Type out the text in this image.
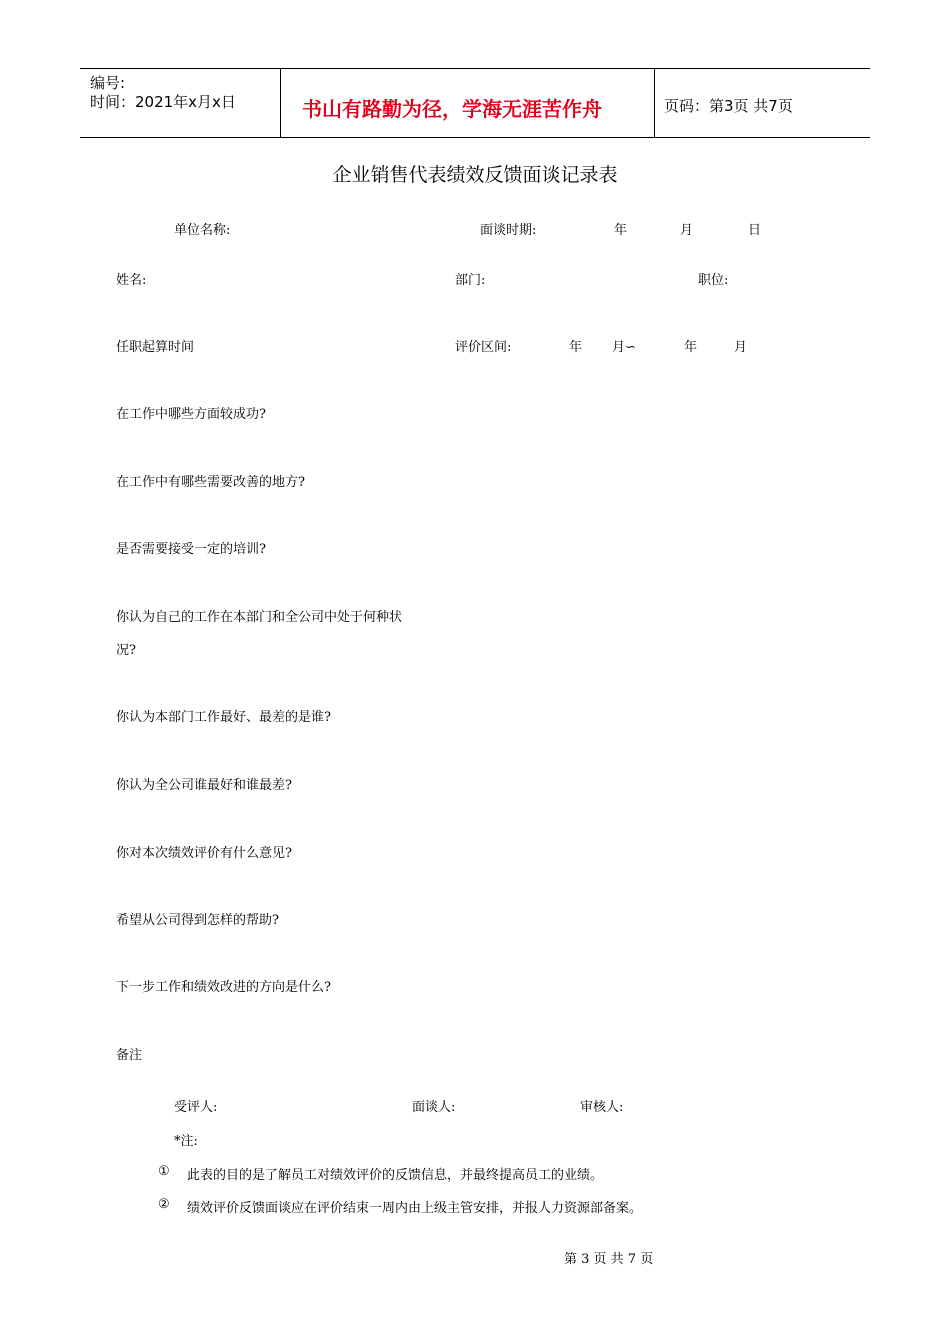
编号:
时间：2021年x月x日	书山有路勤为径，学海无涯苦作舟	页码：第3页 共7页
企业销售代表绩效反馈面谈记录表
单位名称:	面谈时期:	年	月	日
姓名:	部门:	职位:
任职起算时间	评价区间:	年 月∽	年	月
在工作中哪些方面较成功?
在工作中有哪些需要改善的地方?
是否需要接受一定的培训?
你认为自己的工作在本部门和全公司中处于何种状
况?
你认为本部门工作最好、最差的是谁?
你认为全公司谁最好和谁最差?
你对本次绩效评价有什么意见?
希望从公司得到怎样的帮助?
下一步工作和绩效改进的方向是什么?
备注
受评人:	面谈人:	审核人:
*注:
① 此表的目的是了解员工对绩效评价的反馈信息，并最终提高员工的业绩。
② 绩效评价反馈面谈应在评价结束一周内由上级主管安排，并报人力资源部备案。
第 3 页 共 7 页
